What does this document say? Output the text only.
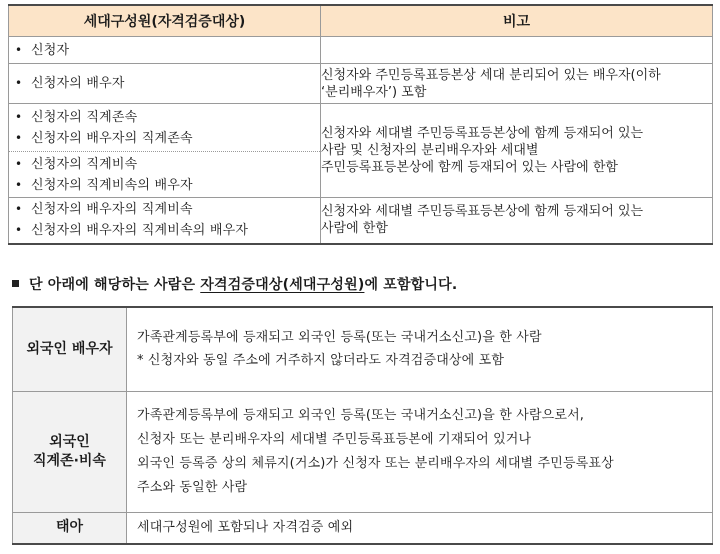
세대구성원(자격검증대상)	비고

• 신청자

• 신청자의 배우자	신청자와 주민등록표등본상 세대 분리되어 있는 배우자(이하
‘분리배우자’) 포함

• 신청자의 직계존속
• 신청자의 배우자의 직계존속	신청자와 세대별 주민등록표등본상에 함께 등재되어 있는
사람 및 신청자의 분리배우자와 세대별
주민등록표등본상에 함께 등재되어 있는 사람에 한함

• 신청자의 직계비속
• 신청자의 직계비속의 배우자

• 신청자의 배우자의 직계비속
• 신청자의 배우자의 직계비속의 배우자	신청자와 세대별 주민등록표등본상에 함께 등재되어 있는
사람에 한함
단 아래에 해당하는 사람은 자격검증대상(세대구성원)에 포함합니다.
외국인 배우자	가족관계등록부에 등재되고 외국인 등록(또는 국내거소신고)을 한 사람
* 신청자와 동일 주소에 거주하지 않더라도 자격검증대상에 포함

외국인
직계존·비속	가족관계등록부에 등재되고 외국인 등록(또는 국내거소신고)을 한 사람으로서,
신청자 또는 분리배우자의 세대별 주민등록표등본에 기재되어 있거나
외국인 등록증 상의 체류지(거소)가 신청자 또는 분리배우자의 세대별 주민등록표상
주소와 동일한 사람

태아	세대구성원에 포함되나 자격검증 예외
